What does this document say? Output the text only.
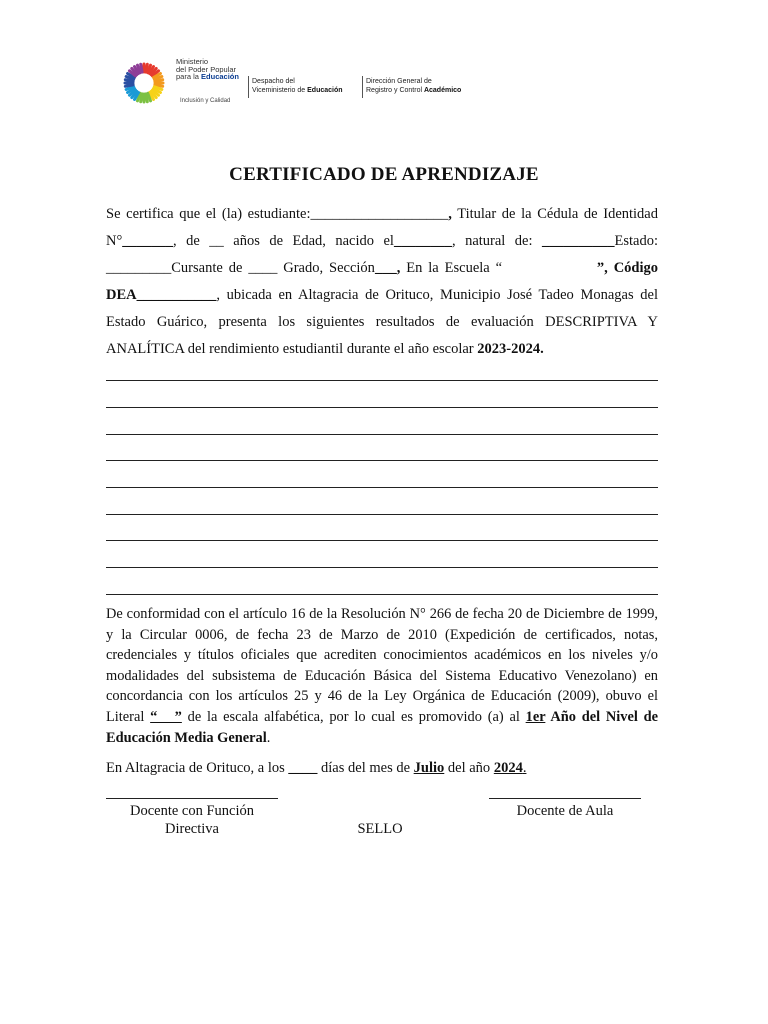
Ministerio
del Poder Popular
para la Educación
Inclusión y Calidad
Despacho del
Viceministerio de Educación
Dirección General de
Registro y Control Académico
CERTIFICADO DE APRENDIZAJE
Se certifica que el (la) estudiante:___________________, Titular de la Cédula de Identidad N°_______, de __ años de Edad, nacido el________, natural de: __________Estado: _________Cursante de ____ Grado, Sección___, En la Escuela “	”, Código DEA___________, ubicada en Altagracia de Orituco, Municipio José Tadeo Monagas del Estado Guárico, presenta los siguientes resultados de evaluación DESCRIPTIVA Y ANALÍTICA del rendimiento estudiantil durante el año escolar 2023-2024.
De conformidad con el artículo 16 de la Resolución N° 266 de fecha 20 de Diciembre de 1999, y la Circular 0006, de fecha 23 de Marzo de 2010 (Expedición de certificados, notas, credenciales y títulos oficiales que acrediten conocimientos académicos en los niveles y/o modalidades del subsistema de Educación Básica del Sistema Educativo Venezolano) en concordancia con los artículos 25 y 46 de la Ley Orgánica de Educación (2009), obuvo el Literal “   ” de la escala alfabética, por lo cual es promovido (a) al 1er Año del Nivel de Educación Media General.
En Altagracia de Orituco, a los ____ días del mes de Julio del año 2024.
Docente con Función
Directiva	SELLO
Docente de Aula
